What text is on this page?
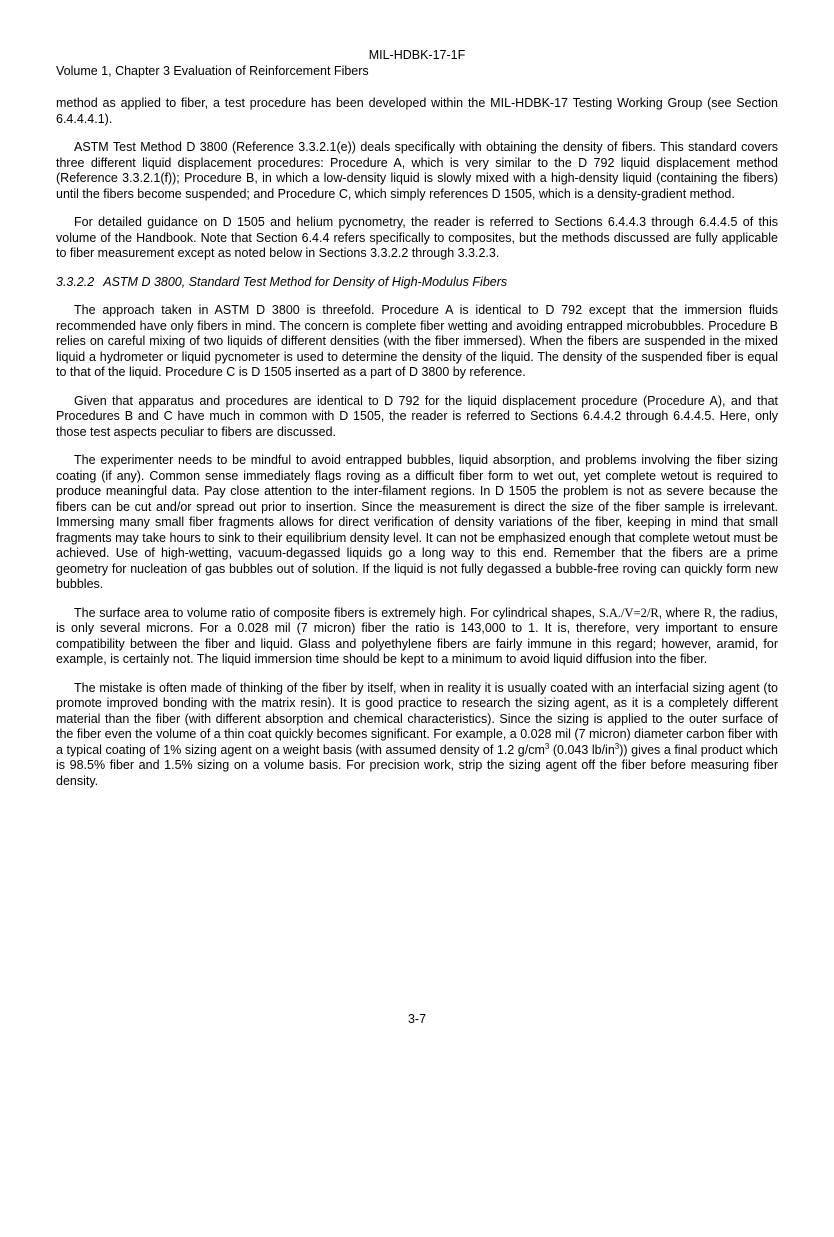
MIL-HDBK-17-1F
Volume 1, Chapter 3 Evaluation of Reinforcement Fibers

method as applied to fiber, a test procedure has been developed within the MIL-HDBK-17 Testing Working Group (see Section 6.4.4.4.1).

ASTM Test Method D 3800 (Reference 3.3.2.1(e)) deals specifically with obtaining the density of fibers. This standard covers three different liquid displacement procedures: Procedure A, which is very similar to the D 792 liquid displacement method (Reference 3.3.2.1(f)); Procedure B, in which a low-density liquid is slowly mixed with a high-density liquid (containing the fibers) until the fibers become suspended; and Procedure C, which simply references D 1505, which is a density-gradient method.

For detailed guidance on D 1505 and helium pycnometry, the reader is referred to Sections 6.4.4.3 through 6.4.4.5 of this volume of the Handbook. Note that Section 6.4.4 refers specifically to composites, but the methods discussed are fully applicable to fiber measurement except as noted below in Sections 3.3.2.2 through 3.3.2.3.

3.3.2.2 ASTM D 3800, Standard Test Method for Density of High-Modulus Fibers

The approach taken in ASTM D 3800 is threefold. Procedure A is identical to D 792 except that the immersion fluids recommended have only fibers in mind. The concern is complete fiber wetting and avoiding entrapped microbubbles. Procedure B relies on careful mixing of two liquids of different densities (with the fiber immersed). When the fibers are suspended in the mixed liquid a hydrometer or liquid pycnometer is used to determine the density of the liquid. The density of the suspended fiber is equal to that of the liquid. Procedure C is D 1505 inserted as a part of D 3800 by reference.

Given that apparatus and procedures are identical to D 792 for the liquid displacement procedure (Procedure A), and that Procedures B and C have much in common with D 1505, the reader is referred to Sections 6.4.4.2 through 6.4.4.5. Here, only those test aspects peculiar to fibers are discussed.

The experimenter needs to be mindful to avoid entrapped bubbles, liquid absorption, and problems involving the fiber sizing coating (if any). Common sense immediately flags roving as a difficult fiber form to wet out, yet complete wetout is required to produce meaningful data. Pay close attention to the inter-filament regions. In D 1505 the problem is not as severe because the fibers can be cut and/or spread out prior to insertion. Since the measurement is direct the size of the fiber sample is irrelevant. Immersing many small fiber fragments allows for direct verification of density variations of the fiber, keeping in mind that small fragments may take hours to sink to their equilibrium density level. It can not be emphasized enough that complete wetout must be achieved. Use of high-wetting, vacuum-degassed liquids go a long way to this end. Remember that the fibers are a prime geometry for nucleation of gas bubbles out of solution. If the liquid is not fully degassed a bubble-free roving can quickly form new bubbles.

The surface area to volume ratio of composite fibers is extremely high. For cylindrical shapes, S.A./V=2/R, where R, the radius, is only several microns. For a 0.028 mil (7 micron) fiber the ratio is 143,000 to 1. It is, therefore, very important to ensure compatibility between the fiber and liquid. Glass and polyethylene fibers are fairly immune in this regard; however, aramid, for example, is certainly not. The liquid immersion time should be kept to a minimum to avoid liquid diffusion into the fiber.

The mistake is often made of thinking of the fiber by itself, when in reality it is usually coated with an interfacial sizing agent (to promote improved bonding with the matrix resin). It is good practice to research the sizing agent, as it is a completely different material than the fiber (with different absorption and chemical characteristics). Since the sizing is applied to the outer surface of the fiber even the volume of a thin coat quickly becomes significant. For example, a 0.028 mil (7 micron) diameter carbon fiber with a typical coating of 1% sizing agent on a weight basis (with assumed density of 1.2 $g/cm^3$ (0.043 $lb/in^3$)) gives a final product which is 98.5% fiber and 1.5% sizing on a volume basis. For precision work, strip the sizing agent off the fiber before measuring fiber density.

3-7
